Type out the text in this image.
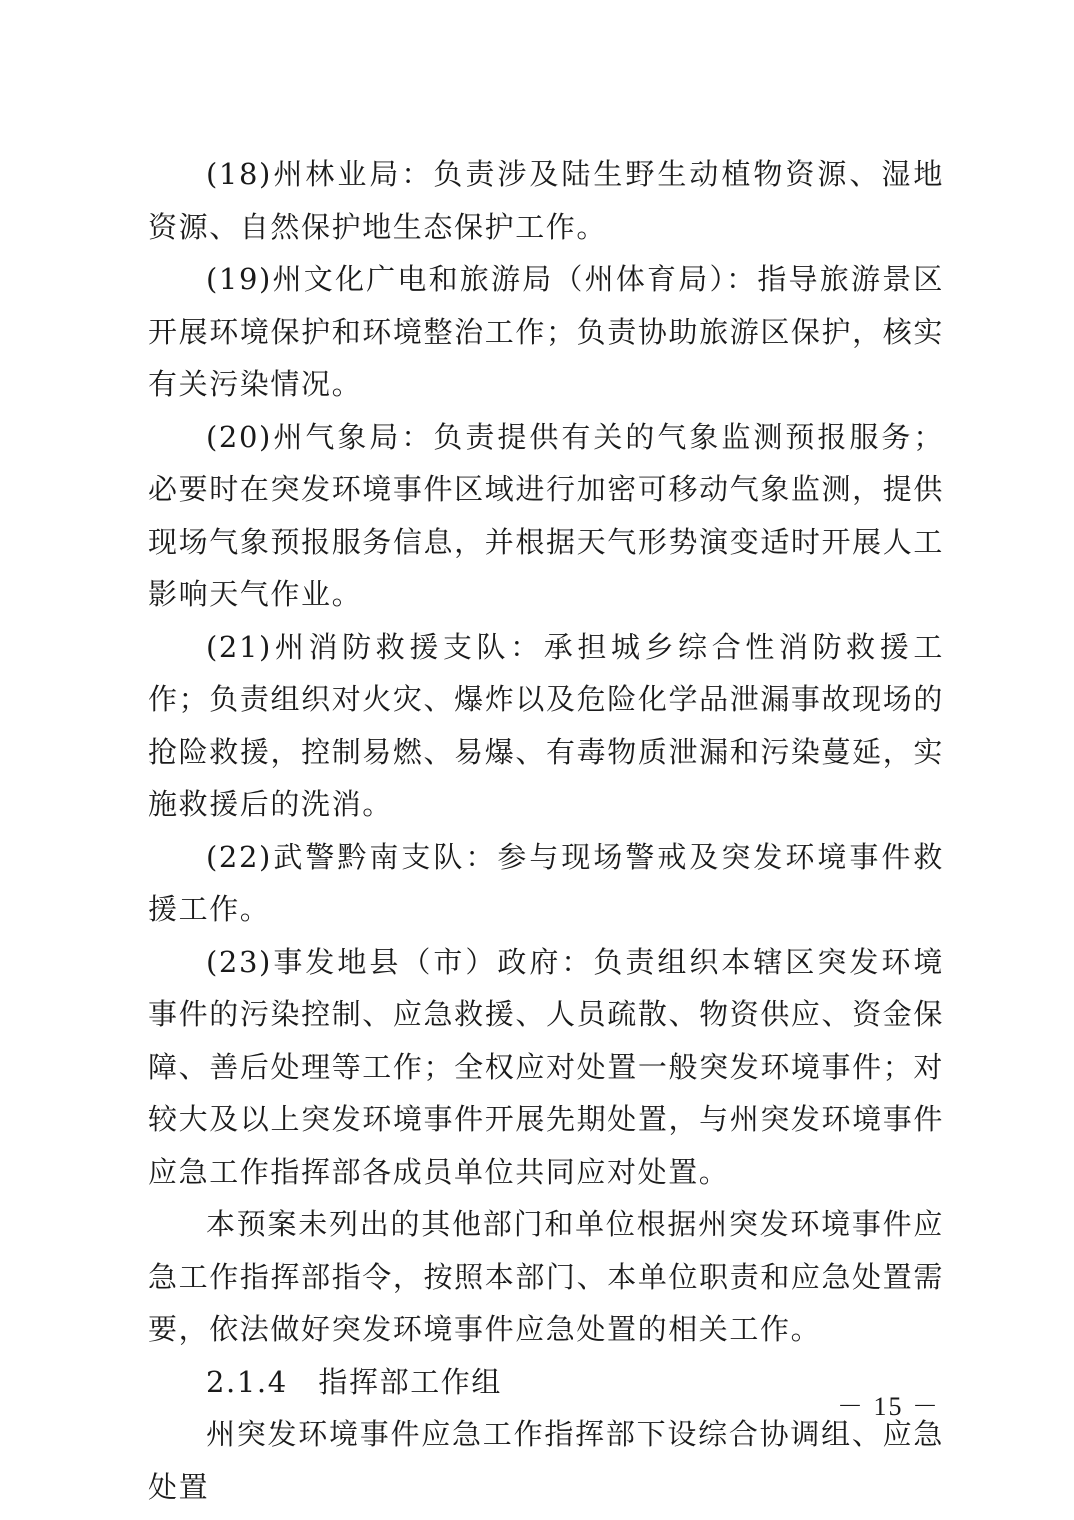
(18)州林业局：负责涉及陆生野生动植物资源、湿地资源、自然保护地生态保护工作。

(19)州文化广电和旅游局（州体育局）：指导旅游景区开展环境保护和环境整治工作；负责协助旅游区保护，核实有关污染情况。

(20)州气象局：负责提供有关的气象监测预报服务；必要时在突发环境事件区域进行加密可移动气象监测，提供现场气象预报服务信息，并根据天气形势演变适时开展人工影响天气作业。

(21)州消防救援支队：承担城乡综合性消防救援工作；负责组织对火灾、爆炸以及危险化学品泄漏事故现场的抢险救援，控制易燃、易爆、有毒物质泄漏和污染蔓延，实施救援后的洗消。

(22)武警黔南支队：参与现场警戒及突发环境事件救援工作。

(23)事发地县（市）政府：负责组织本辖区突发环境事件的污染控制、应急救援、人员疏散、物资供应、资金保障、善后处理等工作；全权应对处置一般突发环境事件；对较大及以上突发环境事件开展先期处置，与州突发环境事件应急工作指挥部各成员单位共同应对处置。

本预案未列出的其他部门和单位根据州突发环境事件应急工作指挥部指令，按照本部门、本单位职责和应急处置需要，依法做好突发环境事件应急处置的相关工作。

2.1.4　指挥部工作组

州突发环境事件应急工作指挥部下设综合协调组、应急处置

－ 15 －
